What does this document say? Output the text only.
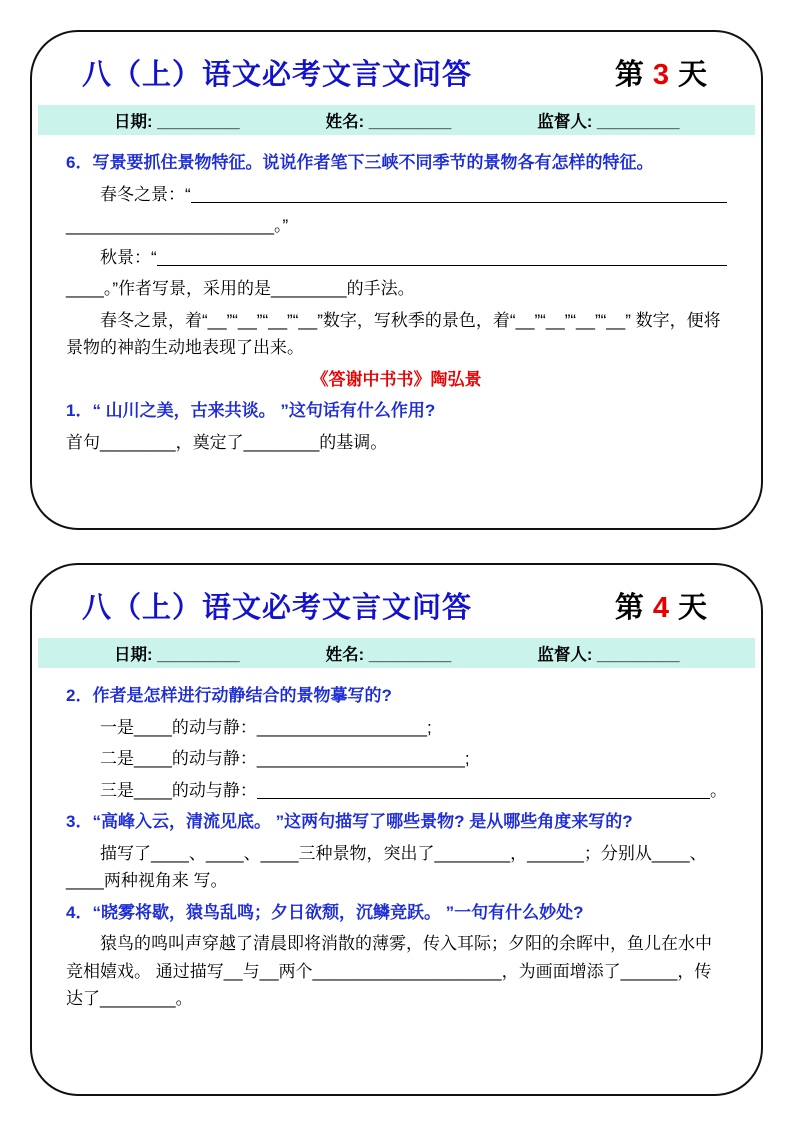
八（上）语文必考文言文问答	第 3 天
日期: _________	姓名: _________	监督人: _________

6．写景要抓住景物特征。说说作者笔下三峡不同季节的景物各有怎样的特征。

春冬之景：“

______________________。”

秋景：“

____。”作者写景，采用的是________的手法。

春冬之景，着“__”“__”“__”“__”数字，写秋季的景色，着“__”“__”“__”“__” 数字，便将景物的神韵生动地表现了出来。

《答谢中书书》陶弘景

1．“ 山川之美，古来共谈。 ”这句话有什么作用?

首句________，奠定了________的基调。

八（上）语文必考文言文问答	第 4 天
日期: _________	姓名: _________	监督人: _________

2．作者是怎样进行动静结合的景物摹写的?

一是____的动与静：__________________;

二是____的动与静：______________________;

三是____的动与静：	。

3．“高峰入云，清流见底。 ”这两句描写了哪些景物? 是从哪些角度来写的?

描写了____、____、____三种景物，突出了________，______；分别从____、____两种视角来 写。

4．“晓雾将歇，猿鸟乱鸣；夕日欲颓，沉鳞竞跃。 ”一句有什么妙处?

猿鸟的鸣叫声穿越了清晨即将消散的薄雾，传入耳际；夕阳的余晖中，鱼儿在水中竞相嬉戏。 通过描写__与__两个____________________，为画面增添了______，传达了________。
